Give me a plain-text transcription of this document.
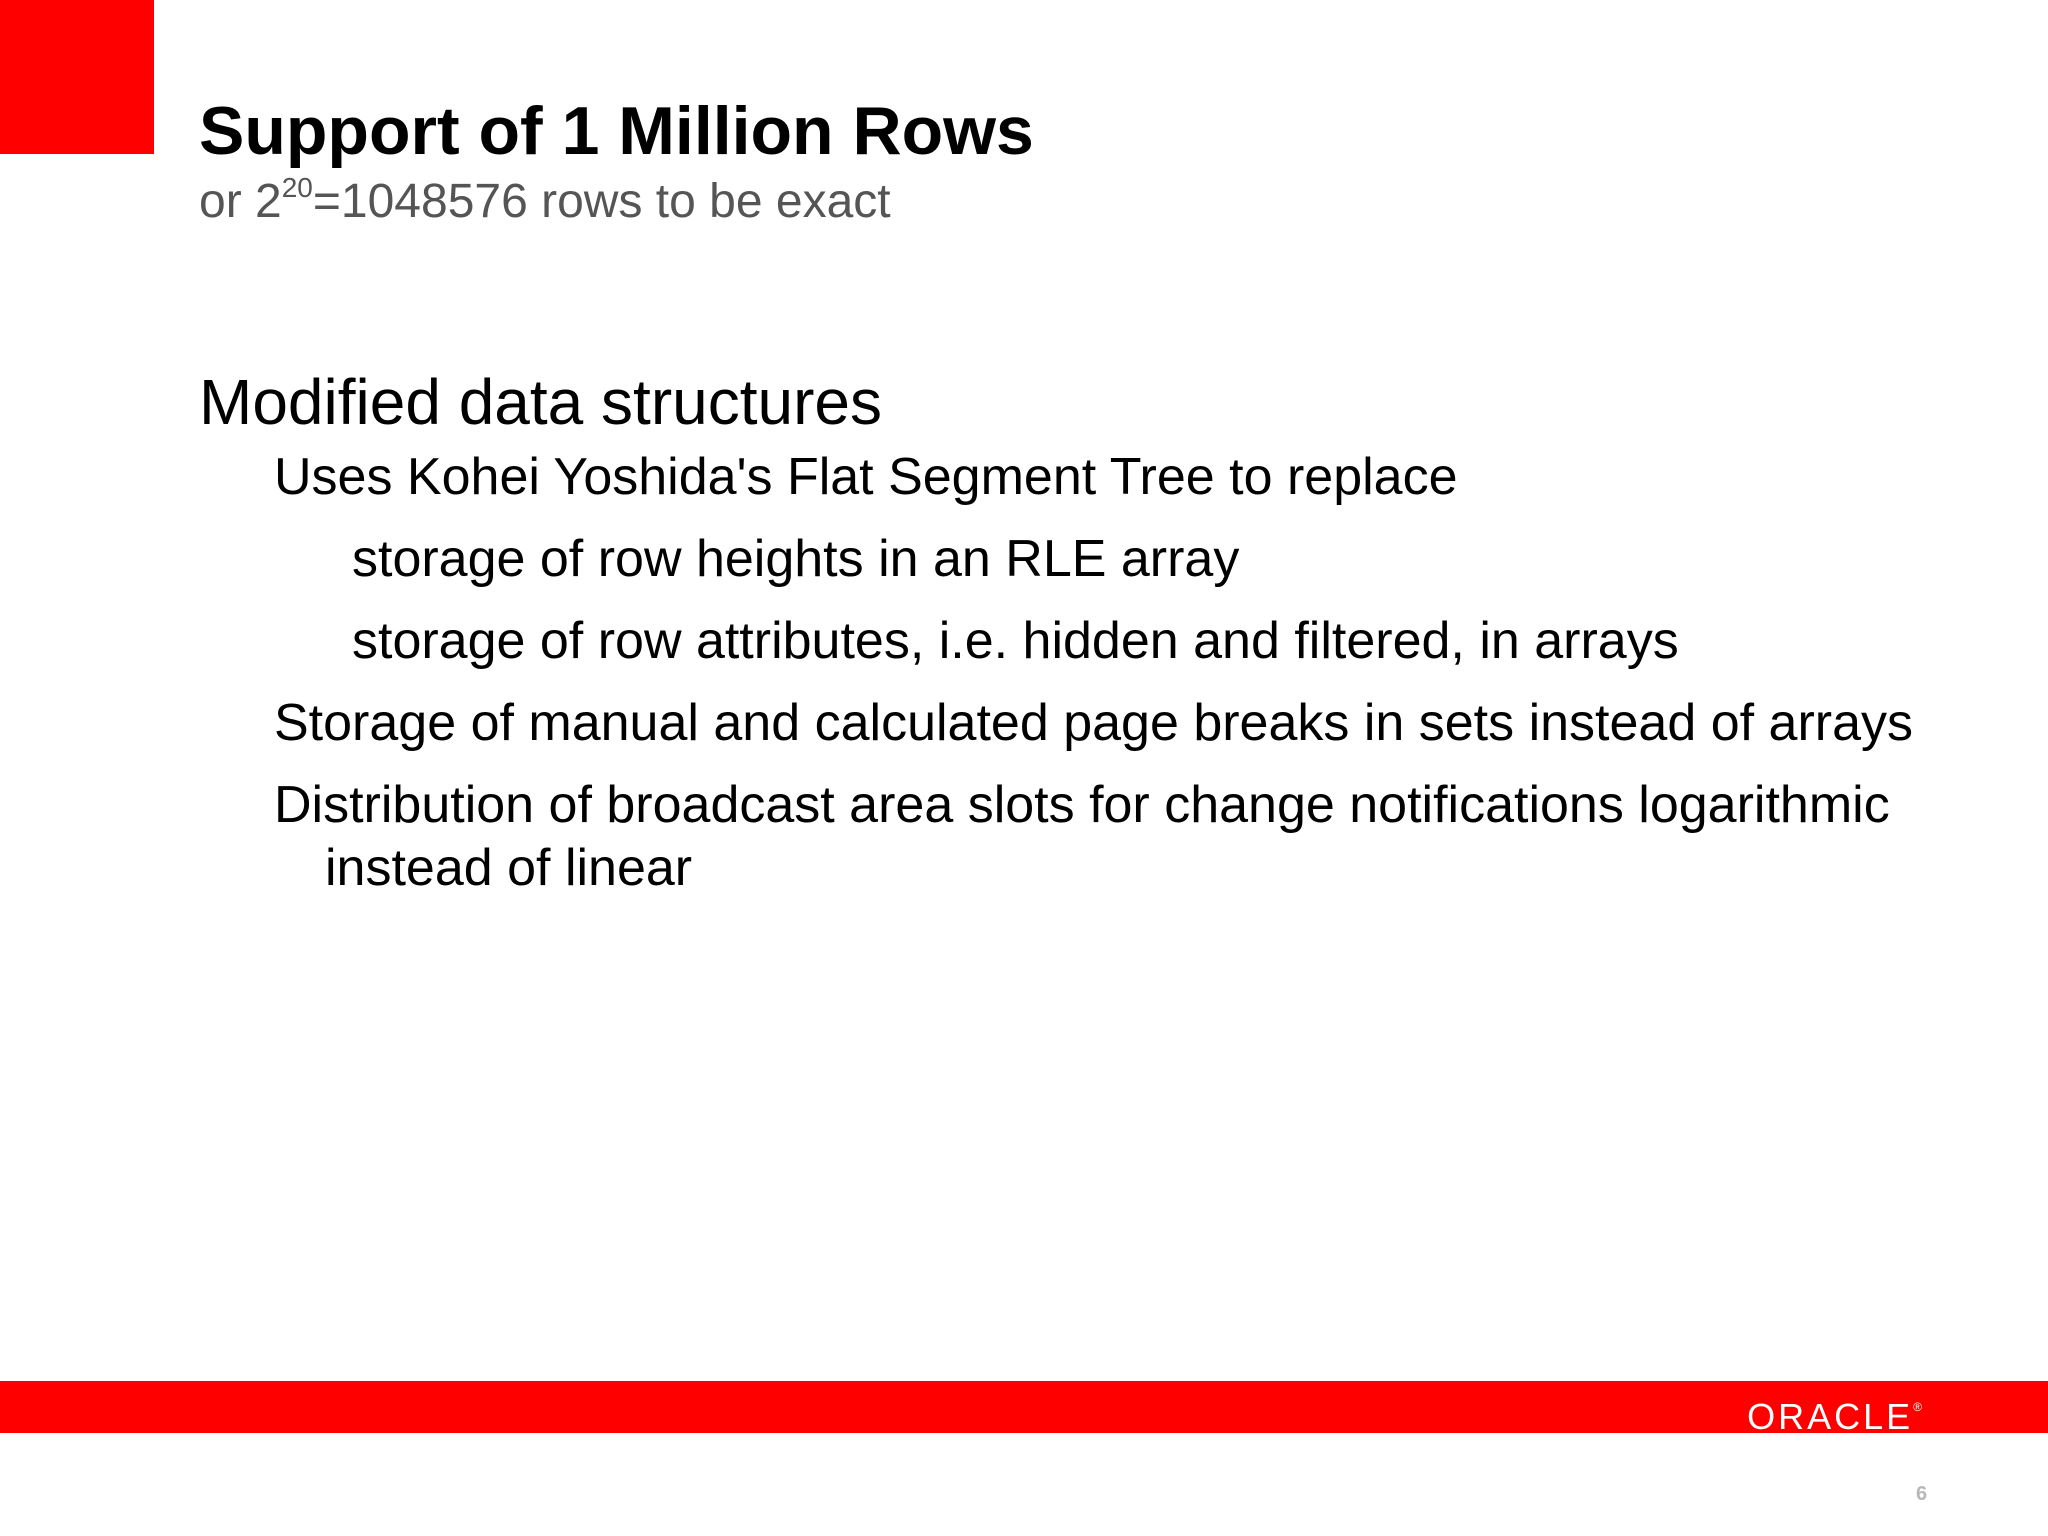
Support of 1 Million Rows
or $2^{20}=1048576$ rows to be exact
Modified data structures
Uses Kohei Yoshida's Flat Segment Tree to replace
storage of row heights in an RLE array
storage of row attributes, i.e. hidden and filtered, in arrays
Storage of manual and calculated page breaks in sets instead of arrays
Distribution of broadcast area slots for change notifications logarithmic instead of linear
ORACLE®
6
